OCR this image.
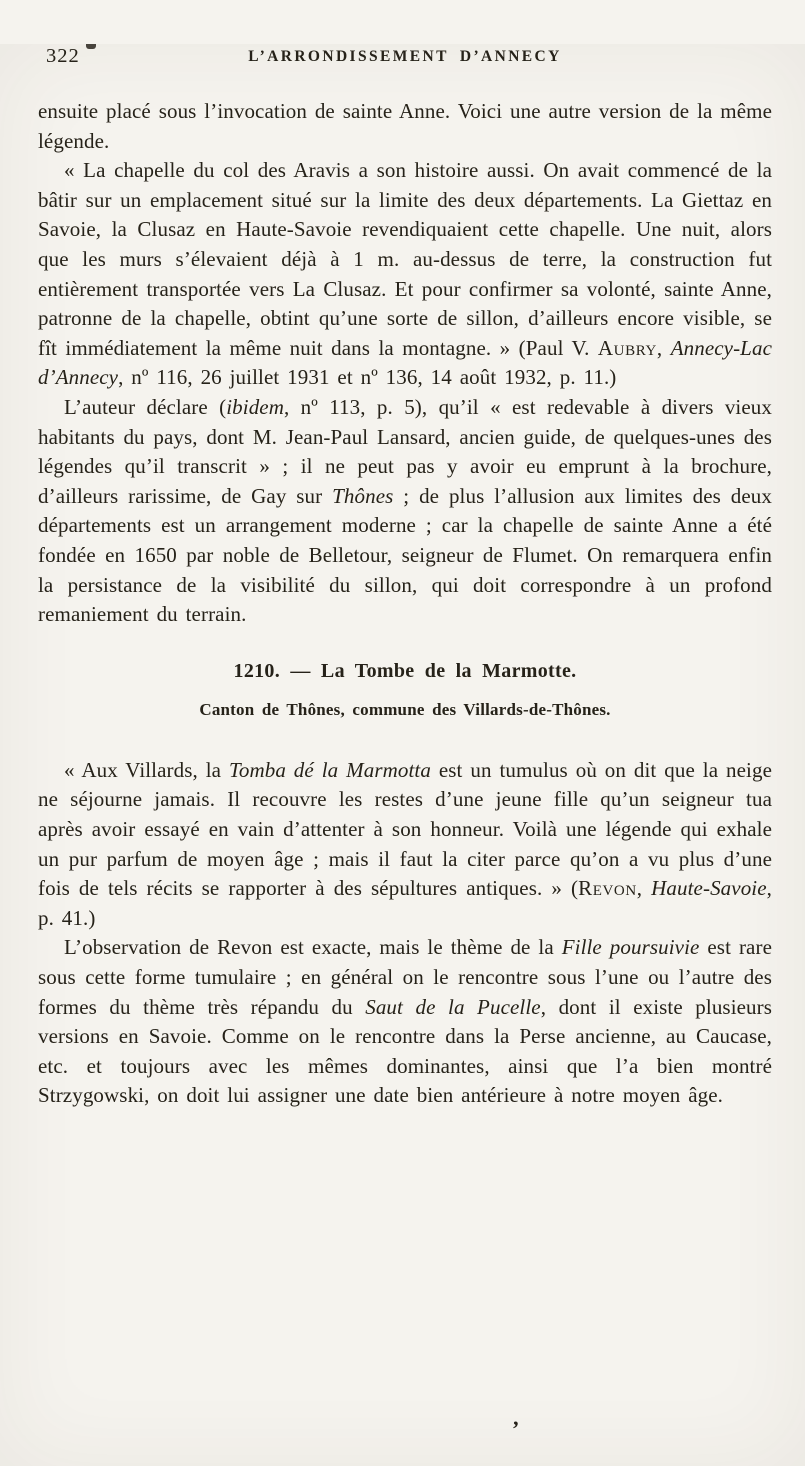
322	L’ARRONDISSEMENT D’ANNECY

ensuite placé sous l’invocation de sainte Anne. Voici une autre version de la même légende.

« La chapelle du col des Aravis a son histoire aussi. On avait commencé de la bâtir sur un emplacement situé sur la limite des deux départements. La Giettaz en Savoie, la Clusaz en Haute-Savoie revendiquaient cette chapelle. Une nuit, alors que les murs s’élevaient déjà à 1 m. au-dessus de terre, la construction fut entièrement transportée vers La Clusaz. Et pour confirmer sa volonté, sainte Anne, patronne de la chapelle, obtint qu’une sorte de sillon, d’ailleurs encore visible, se fît immédiatement la même nuit dans la montagne. » (Paul V. Aubry, Annecy-Lac d’Annecy, nº 116, 26 juillet 1931 et nº 136, 14 août 1932, p. 11.)

L’auteur déclare (ibidem, nº 113, p. 5), qu’il « est redevable à divers vieux habitants du pays, dont M. Jean-Paul Lansard, ancien guide, de quelques-unes des légendes qu’il transcrit » ; il ne peut pas y avoir eu emprunt à la brochure, d’ailleurs rarissime, de Gay sur Thônes ; de plus l’allusion aux limites des deux départements est un arrangement moderne ; car la chapelle de sainte Anne a été fondée en 1650 par noble de Belletour, seigneur de Flumet. On remarquera enfin la persistance de la visibilité du sillon, qui doit correspondre à un profond remaniement du terrain.

1210. — La Tombe de la Marmotte.
Canton de Thônes, commune des Villards-de-Thônes.

« Aux Villards, la Tomba dé la Marmotta est un tumulus où on dit que la neige ne séjourne jamais. Il recouvre les restes d’une jeune fille qu’un seigneur tua après avoir essayé en vain d’attenter à son honneur. Voilà une légende qui exhale un pur parfum de moyen âge ; mais il faut la citer parce qu’on a vu plus d’une fois de tels récits se rapporter à des sépultures antiques. » (Revon, Haute-Savoie, p. 41.)

L’observation de Revon est exacte, mais le thème de la Fille poursuivie est rare sous cette forme tumulaire ; en général on le rencontre sous l’une ou l’autre des formes du thème très répandu du Saut de la Pucelle, dont il existe plusieurs versions en Savoie. Comme on le rencontre dans la Perse ancienne, au Caucase, etc. et toujours avec les mêmes dominantes, ainsi que l’a bien montré Strzygowski, on doit lui assigner une date bien antérieure à notre moyen âge.

’
